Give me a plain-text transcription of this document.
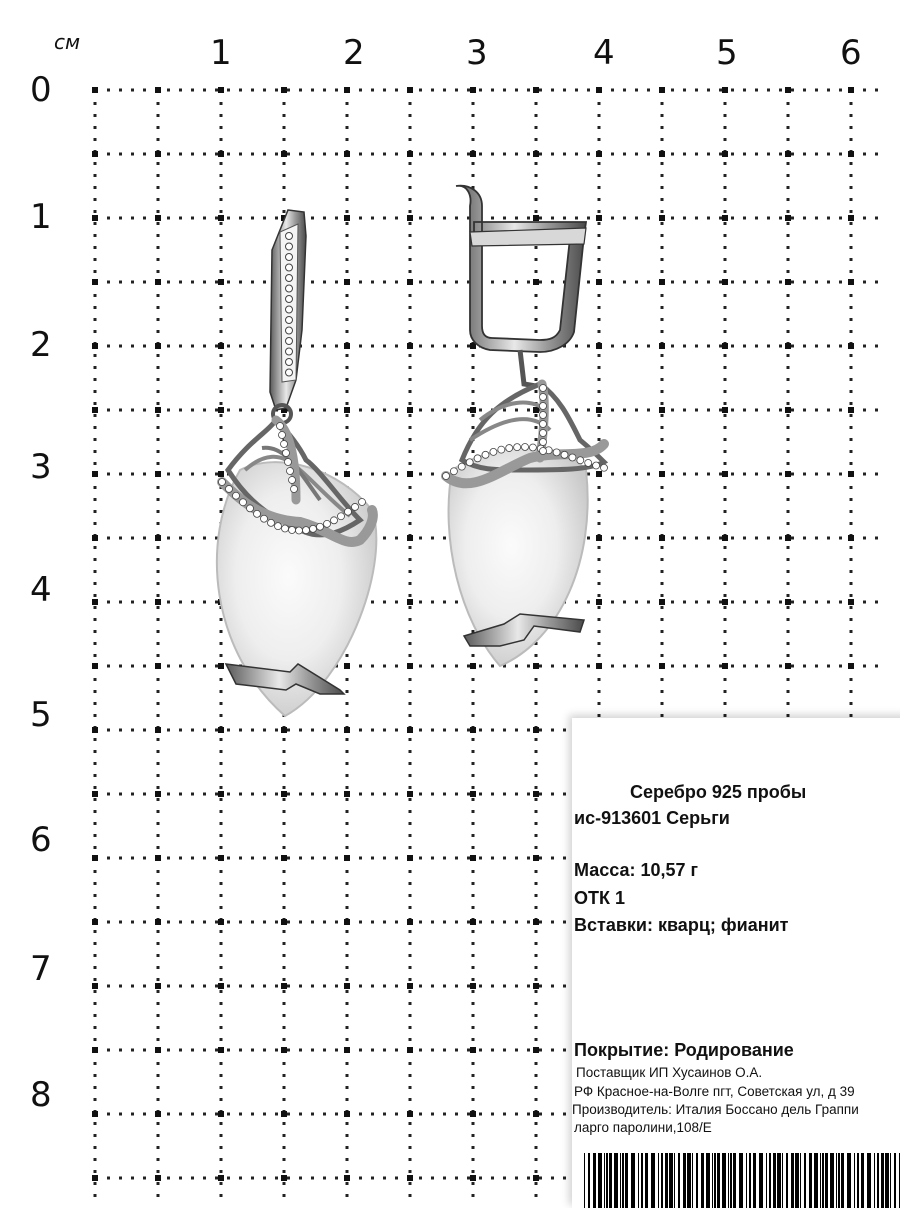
см	1	2	3	4	5	6
0
1
2
3
4
5
6
7
8
Серебро 925 пробы
ис-913601 Серьги
Масса: 10,57 г
ОТК 1
Вставки: кварц; фианит
Покрытие: Родирование
Поставщик ИП Хусаинов О.А.
РФ Красное-на-Волге пгт, Советская ул, д 39
Производитель: Италия Боссано дель Граппи
ларго паролини,108/E
